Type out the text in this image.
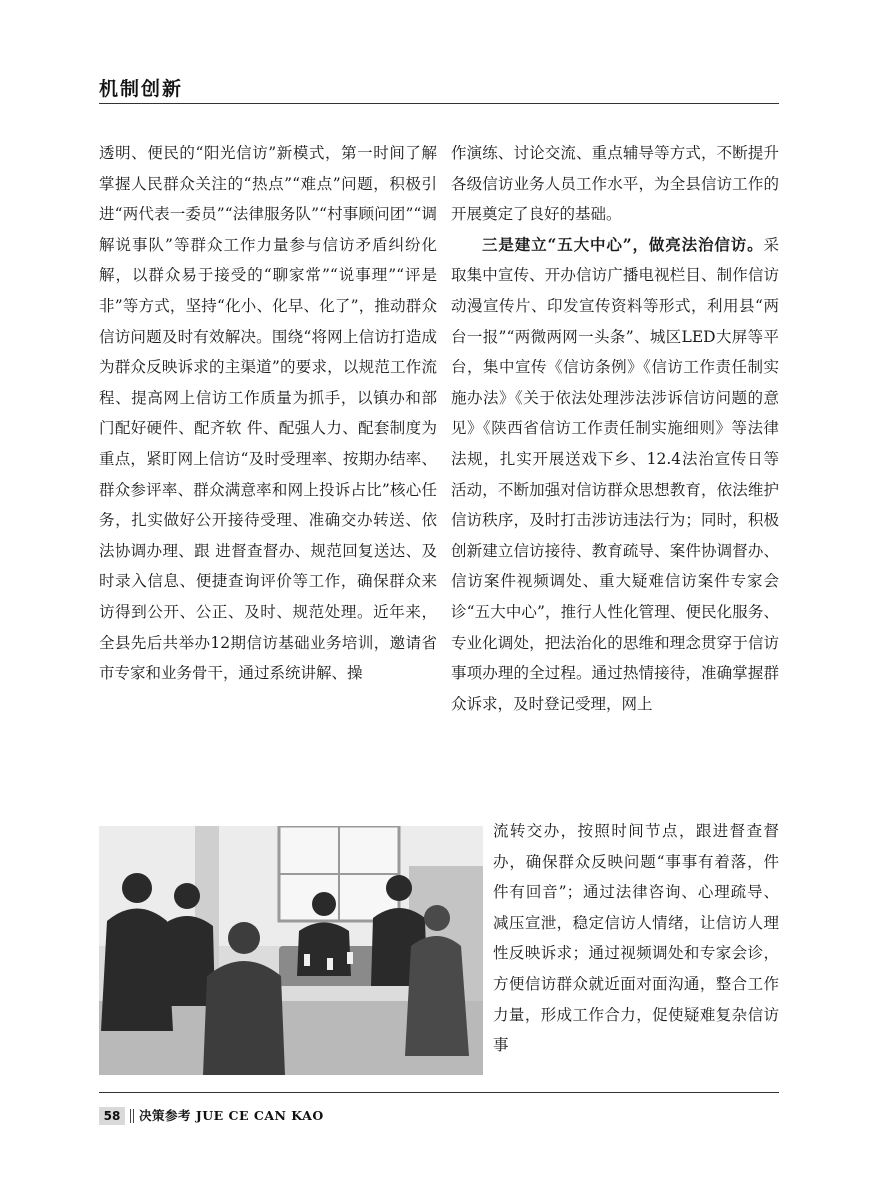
机制创新

透明、便民的“阳光信访”新模式，第一时间了解掌握人民群众关注的“热点”“难点”问题，积极引进“两代表一委员”“法律服务队”“村事顾问团”“调解说事队”等群众工作力量参与信访矛盾纠纷化解，以群众易于接受的“聊家常”“说事理”“评是非”等方式，坚持“化小、化早、化了”，推动群众信访问题及时有效解决。围绕“将网上信访打造成为群众反映诉求的主渠道”的要求，以规范工作流程、提高网上信访工作质量为抓手，以镇办和部门配好硬件、配齐软 件、配强人力、配套制度为重点，紧盯网上信访“及时受理率、按期办结率、群众参评率、群众满意率和网上投诉占比”核心任务，扎实做好公开接待受理、准确交办转送、依法协调办理、跟 进督查督办、规范回复送达、及时录入信息、便捷查询评价等工作，确保群众来访得到公开、公正、及时、规范处理。近年来，全县先后共举办12期信访基础业务培训，邀请省市专家和业务骨干，通过系统讲解、操

作演练、讨论交流、重点辅导等方式，不断提升各级信访业务人员工作水平，为全县信访工作的开展奠定了良好的基础。

三是建立“五大中心”，做亮法治信访。采取集中宣传、开办信访广播电视栏目、制作信访动漫宣传片、印发宣传资料等形式，利用县“两台一报”“两微两网一头条”、城区LED大屏等平台，集中宣传《信访条例》《信访工作责任制实施办法》《关于依法处理涉法涉诉信访问题的意见》《陕西省信访工作责任制实施细则》等法律法规，扎实开展送戏下乡、12.4法治宣传日等活动，不断加强对信访群众思想教育，依法维护信访秩序，及时打击涉访违法行为；同时，积极创新建立信访接待、教育疏导、案件协调督办、信访案件视频调处、重大疑难信访案件专家会诊“五大中心”，推行人性化管理、便民化服务、专业化调处，把法治化的思维和理念贯穿于信访事项办理的全过程。通过热情接待，准确掌握群众诉求，及时登记受理，网上

流转交办，按照时间节点，跟进督查督办，确保群众反映问题“事事有着落，件件有回音”；通过法律咨询、心理疏导、减压宣泄，稳定信访人情绪，让信访人理性反映诉求；通过视频调处和专家会诊，方便信访群众就近面对面沟通，整合工作力量，形成工作合力，促使疑难复杂信访事
58	决策参考 JUE CE CAN KAO
